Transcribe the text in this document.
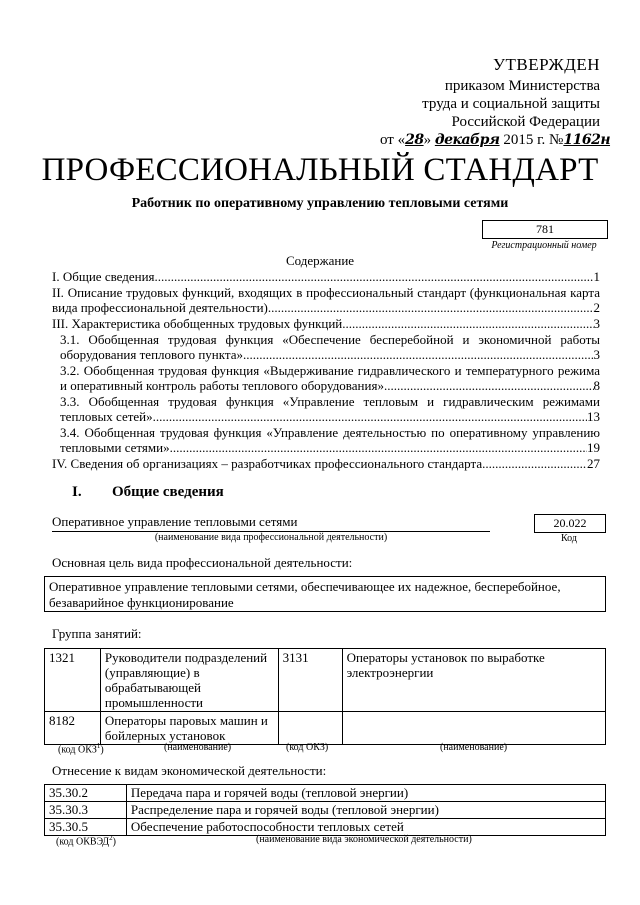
УТВЕРЖДЕН
приказом Министерства
труда и социальной защиты
Российской Федерации
от «28» декабря 2015 г. №1162н
ПРОФЕССИОНАЛЬНЫЙ СТАНДАРТ
Работник по оперативному управлению тепловыми сетями
781
Регистрационный номер
Содержание
I. Общие сведения .....	1
II. Описание трудовых функций, входящих в профессиональный стандарт (функциональная карта
вида профессиональной деятельности) .....	2
III. Характеристика обобщенных трудовых функций .....	3
3.1. Обобщенная трудовая функция «Обеспечение бесперебойной и экономичной работы
оборудования теплового пункта» .....	3
3.2. Обобщенная трудовая функция «Выдерживание гидравлического и температурного режима
и оперативный контроль работы теплового оборудования» .....	8
3.3. Обобщенная трудовая функция «Управление тепловым и гидравлическим режимами
тепловых сетей» .....	13
3.4. Обобщенная трудовая функция «Управление деятельностью по оперативному управлению
тепловыми сетями» .....	19
IV. Сведения об организациях – разработчиках профессионального стандарта .....	27
I. Общие сведения
Оперативное управление тепловыми сетями
(наименование вида профессиональной деятельности)
20.022
Код
Основная цель вида профессиональной деятельности:
Оперативное управление тепловыми сетями, обеспечивающее их надежное, бесперебойное, безаварийное функционирование
Группа занятий:
1321	Руководители подразделений (управляющие) в обрабатывающей промышленности	3131	Операторы установок по выработке электроэнергии
8182	Операторы паровых машин и бойлерных установок		
(код ОКЗ$^1$)	(наименование)	(код ОКЗ)	(наименование)
Отнесение к видам экономической деятельности:
35.30.2	Передача пара и горячей воды (тепловой энергии)
35.30.3	Распределение пара и горячей воды (тепловой энергии)
35.30.5	Обеспечение работоспособности тепловых сетей
(код ОКВЭД$^2$)	(наименование вида экономической деятельности)
